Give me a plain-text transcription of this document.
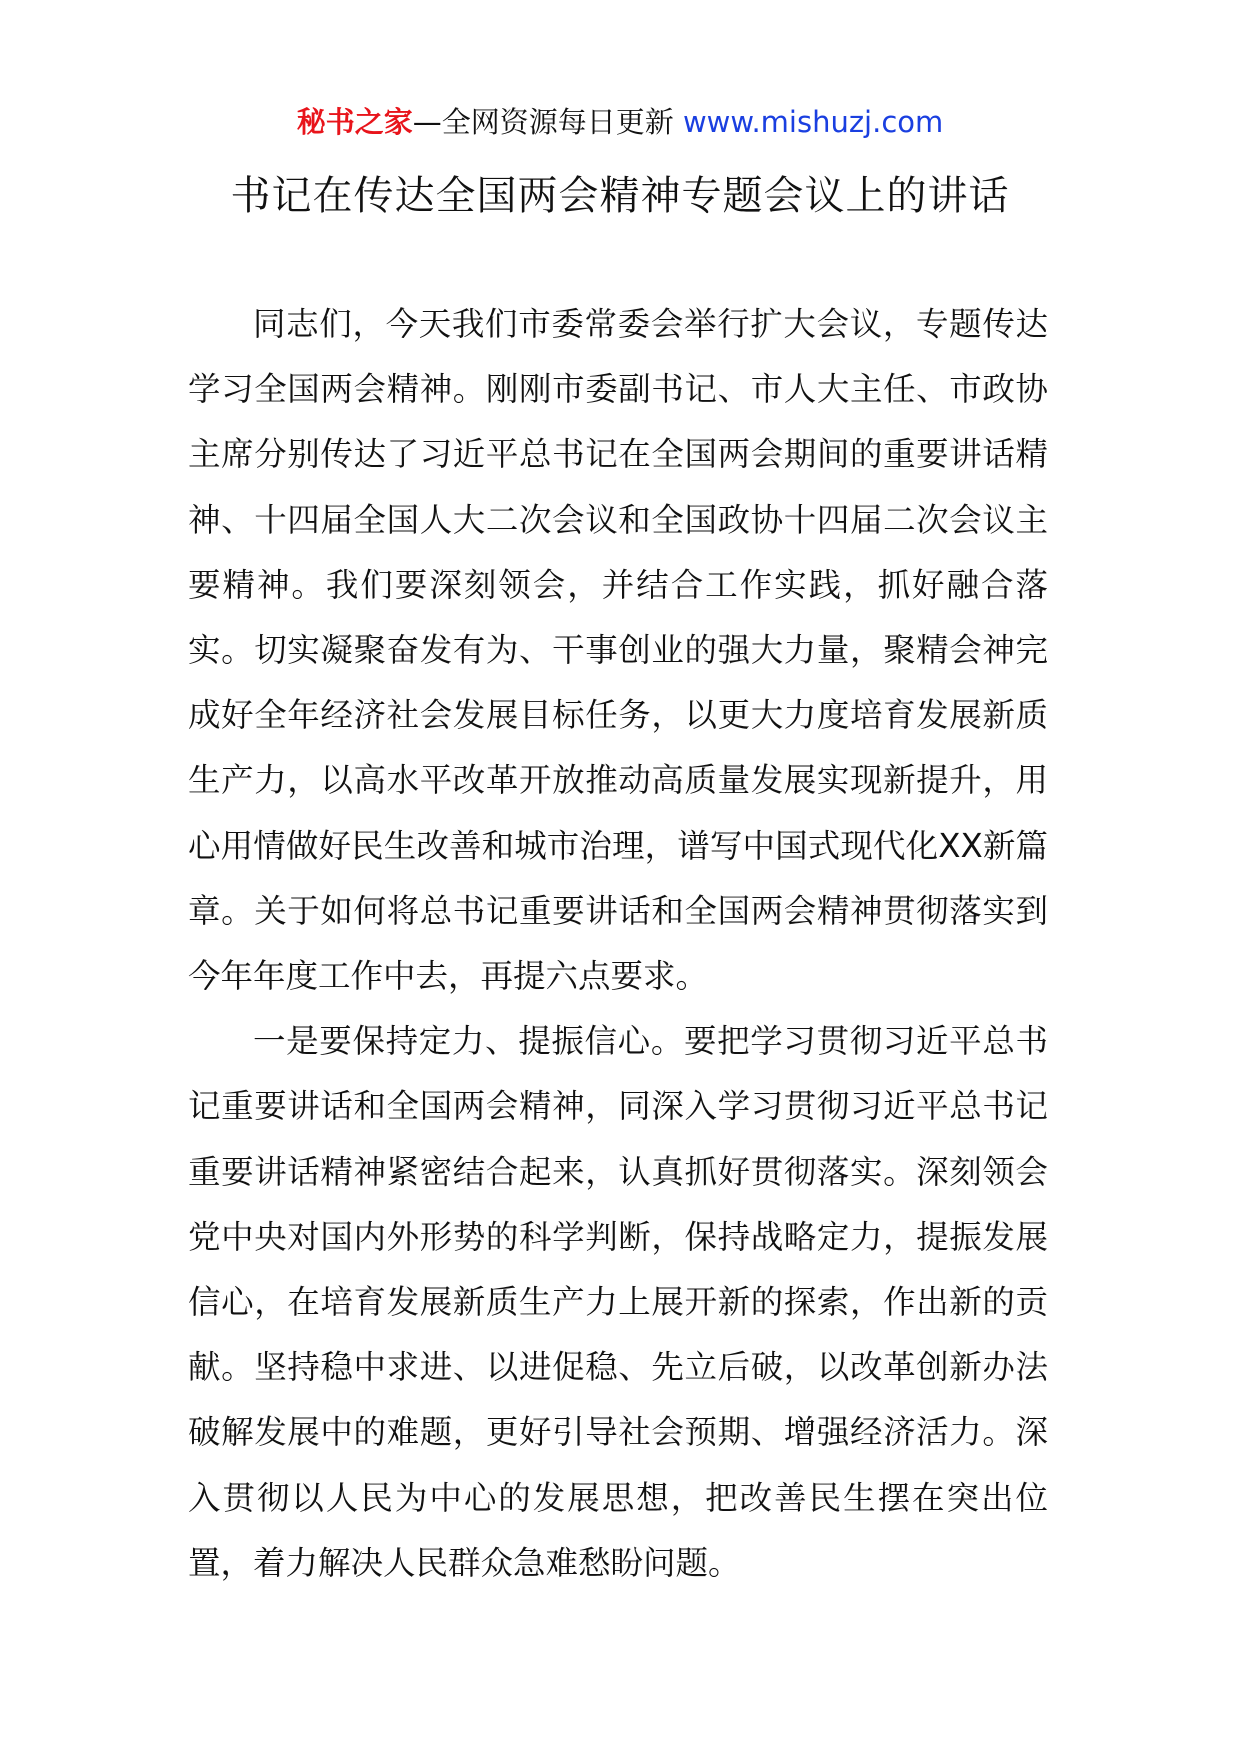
秘书之家—全网资源每日更新 www.mishuzj.com
书记在传达全国两会精神专题会议上的讲话

同志们，今天我们市委常委会举行扩大会议，专题传达学习全国两会精神。刚刚市委副书记、市人大主任、市政协主席分别传达了习近平总书记在全国两会期间的重要讲话精神、十四届全国人大二次会议和全国政协十四届二次会议主要精神。我们要深刻领会，并结合工作实践，抓好融合落实。切实凝聚奋发有为、干事创业的强大力量，聚精会神完成好全年经济社会发展目标任务，以更大力度培育发展新质生产力，以高水平改革开放推动高质量发展实现新提升，用心用情做好民生改善和城市治理，谱写中国式现代化XX新篇章。关于如何将总书记重要讲话和全国两会精神贯彻落实到今年年度工作中去，再提六点要求。

一是要保持定力、提振信心。要把学习贯彻习近平总书记重要讲话和全国两会精神，同深入学习贯彻习近平总书记重要讲话精神紧密结合起来，认真抓好贯彻落实。深刻领会党中央对国内外形势的科学判断，保持战略定力，提振发展信心，在培育发展新质生产力上展开新的探索，作出新的贡献。坚持稳中求进、以进促稳、先立后破，以改革创新办法破解发展中的难题，更好引导社会预期、增强经济活力。深入贯彻以人民为中心的发展思想，把改善民生摆在突出位置，着力解决人民群众急难愁盼问题。
